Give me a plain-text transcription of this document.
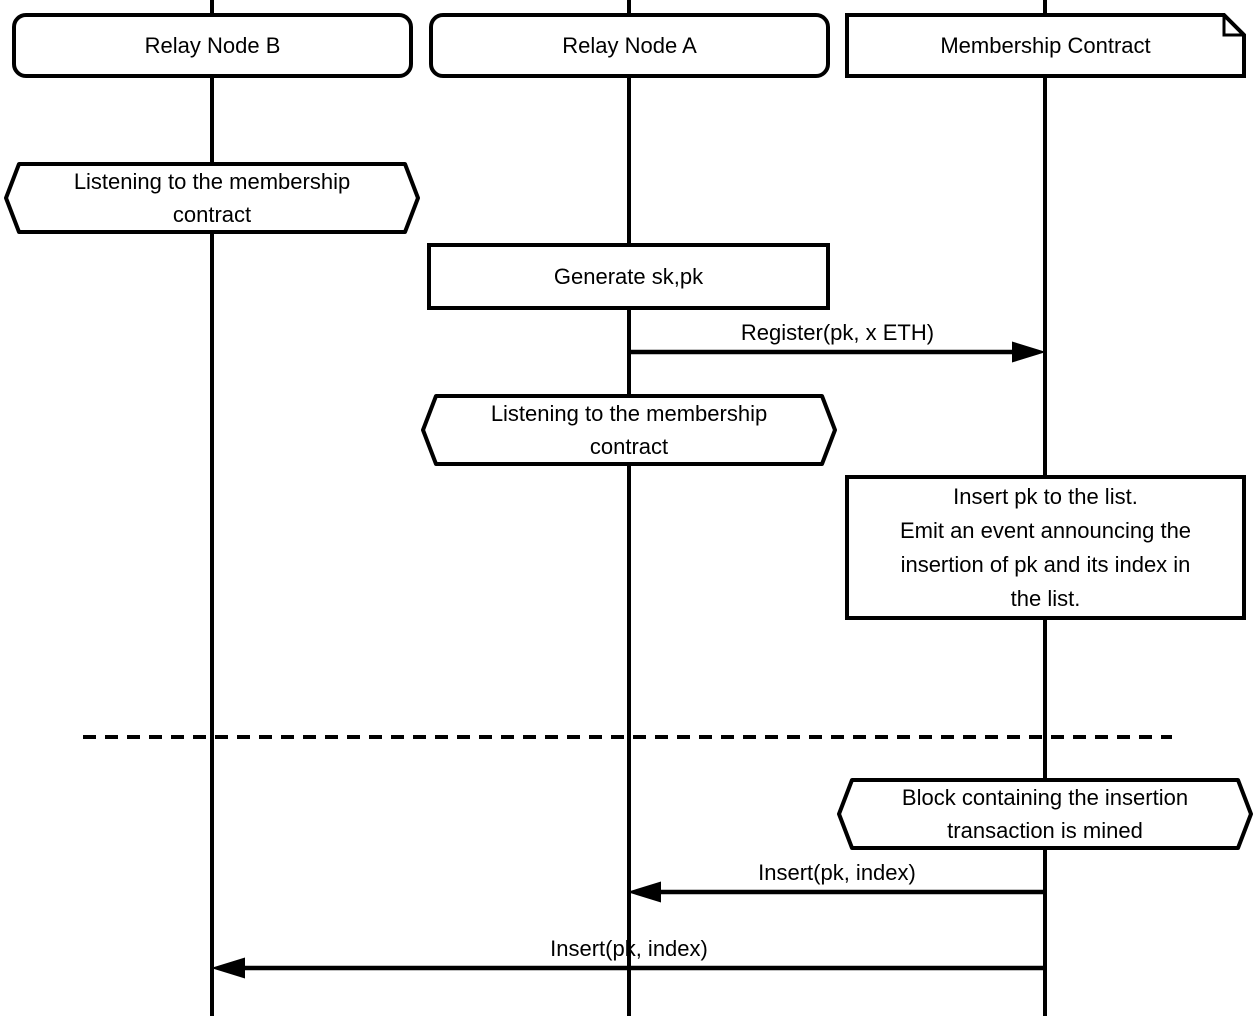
Relay Node B	Relay Node A	Membership Contract
Listening to the membership
contract
Generate sk,pk
Register(pk, x ETH)
Listening to the membership
contract
Insert pk to the list.
Emit an event announcing the
insertion of pk and its index in
the list.
Block containing the insertion
transaction is mined
Insert(pk, index)
Insert(pk, index)
